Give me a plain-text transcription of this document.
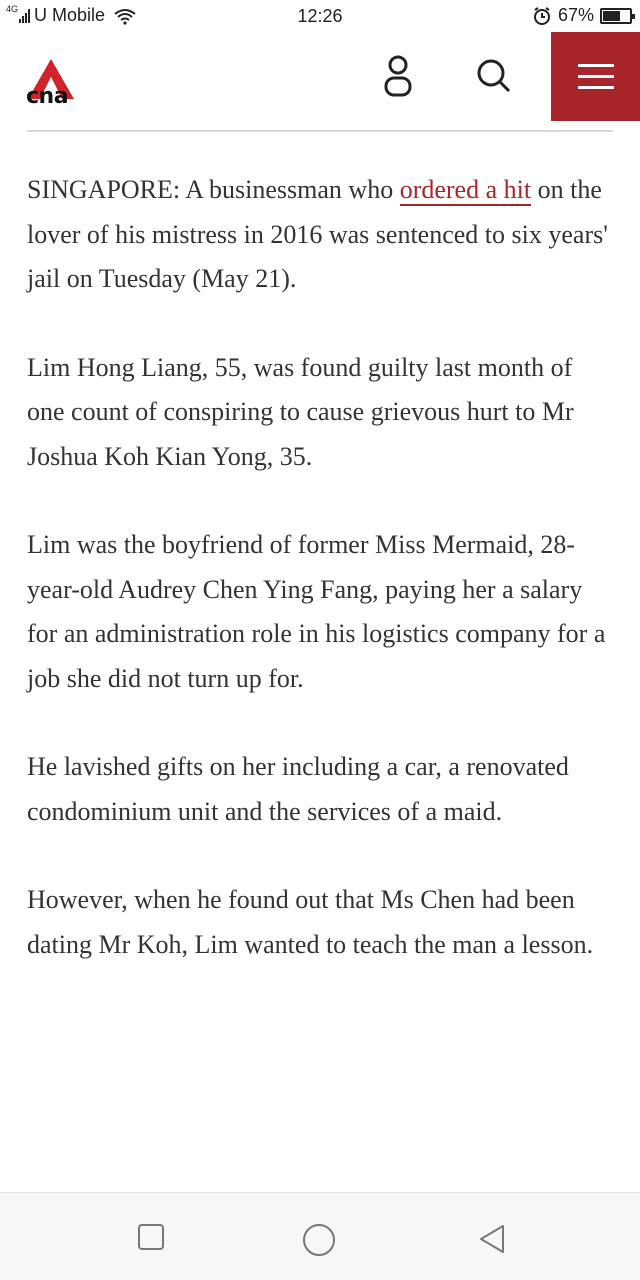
4G U Mobile	12:26	67%
cna

SINGAPORE: A businessman who ordered a hit on the lover of his mistress in 2016 was sentenced to six years' jail on Tuesday (May 21).

Lim Hong Liang, 55, was found guilty last month of one count of conspiring to cause grievous hurt to Mr Joshua Koh Kian Yong, 35.

Lim was the boyfriend of former Miss Mermaid, 28-year-old Audrey Chen Ying Fang, paying her a salary for an administration role in his logistics company for a job she did not turn up for.

He lavished gifts on her including a car, a renovated condominium unit and the services of a maid.

However, when he found out that Ms Chen had been dating Mr Koh, Lim wanted to teach the man a lesson.
